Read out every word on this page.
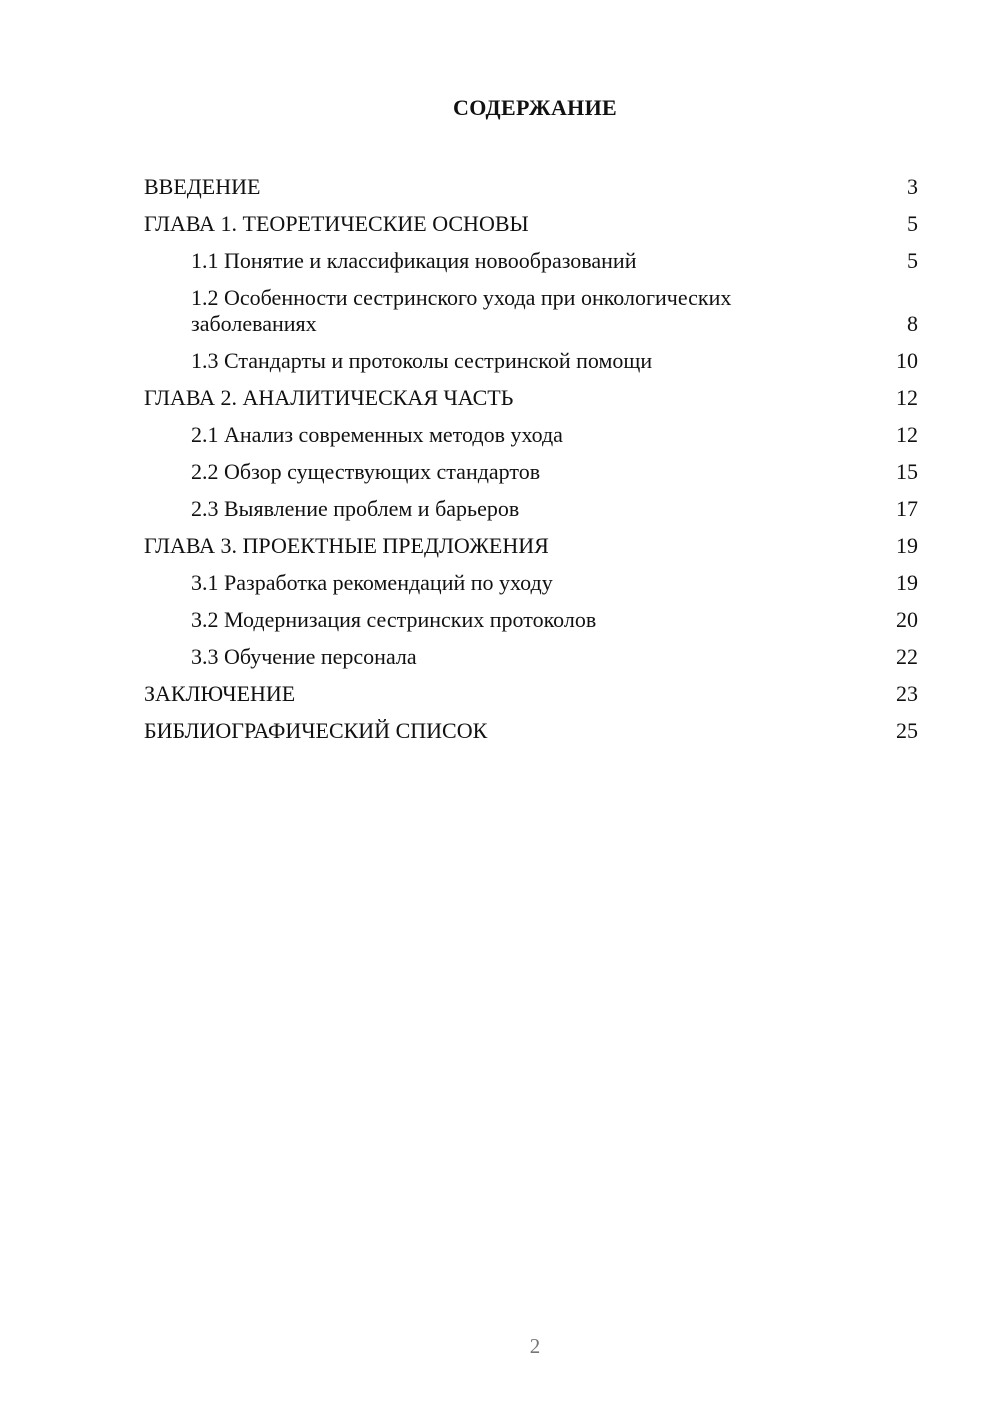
СОДЕРЖАНИЕ
ВВЕДЕНИЕ	3
ГЛАВА 1. ТЕОРЕТИЧЕСКИЕ ОСНОВЫ	5
1.1 Понятие и классификация новообразований	5
1.2 Особенности сестринского ухода при онкологических заболеваниях	8
1.3 Стандарты и протоколы сестринской помощи	10
ГЛАВА 2. АНАЛИТИЧЕСКАЯ ЧАСТЬ	12
2.1 Анализ современных методов ухода	12
2.2 Обзор существующих стандартов	15
2.3 Выявление проблем и барьеров	17
ГЛАВА 3. ПРОЕКТНЫЕ ПРЕДЛОЖЕНИЯ	19
3.1 Разработка рекомендаций по уходу	19
3.2 Модернизация сестринских протоколов	20
3.3 Обучение персонала	22
ЗАКЛЮЧЕНИЕ	23
БИБЛИОГРАФИЧЕСКИЙ СПИСОК	25
2
